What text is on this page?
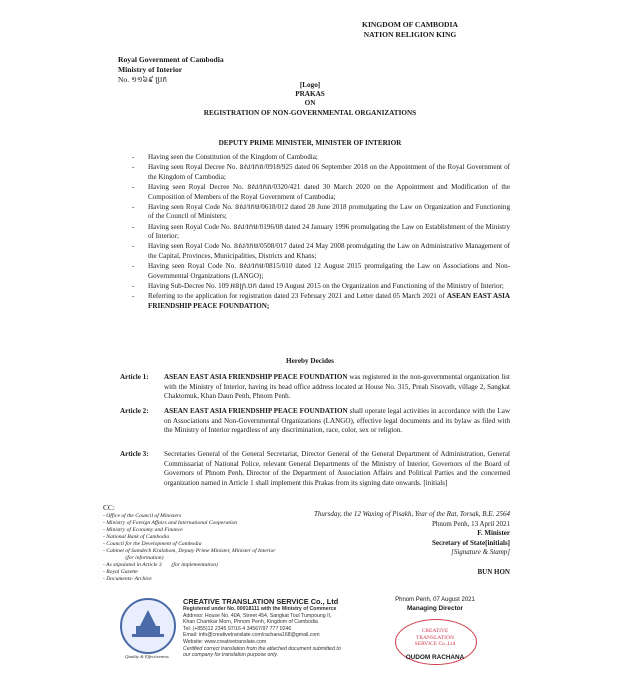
KINGDOM OF CAMBODIA
NATION RELIGION KING
Royal Government of Cambodia
Ministry of Interior
No. ១១៦៩ ប្រក
[Logo]
PRAKAS
ON
REGISTRATION OF NON-GOVERNMENTAL ORGANIZATIONS
DEPUTY PRIME MINISTER, MINISTER OF INTERIOR
- Having seen the Constitution of the Kingdom of Cambodia;
- Having seen Royal Decree No. នស/រកត/0918/925 dated 06 September 2018 on the Appointment of the Royal Government of the Kingdom of Cambodia;
- Having seen Royal Decree No. នស/រកត/0320/421 dated 30 March 2020 on the Appointment and Modification of the Composition of Members of the Royal Government of Cambodia;
- Having seen Royal Code No. នស/រកម/0618/012 dated 28 June 2018 promulgating the Law on Organization and Functioning of the Council of Ministers;
- Having seen Royal Code No. នស/រកម/0196/08 dated 24 January 1996 promulgating the Law on Establishment of the Ministry of Interior;
- Having seen Royal Code No. នស/រកម/0508/017 dated 24 May 2008 promulgating the Law on Administrative Management of the Capital, Provinces, Municipalities, Districts and Khans;
- Having seen Royal Code No. នស/រកម/0815/010 dated 12 August 2015 promulgating the Law on Associations and Non-Governmental Organizations (LANGO);
- Having Sub-Decree No. 109 អនក្រ.បក dated 19 August 2015 on the Organization and Functioning of the Ministry of Interior;
- Referring to the application for registration dated 23 February 2021 and Letter dated 05 March 2021 of ASEAN EAST ASIA FRIENDSHIP PEACE FOUNDATION;
Hereby Decides
Article 1: ASEAN EAST ASIA FRIENDSHIP PEACE FOUNDATION was registered in the non-governmental organization list with the Ministry of Interior, having its head office address located at House No. 315, Preah Sisovath, village 2, Sangkat Chaktomuk, Khan Daun Penh, Phnom Penh.
Article 2: ASEAN EAST ASIA FRIENDSHIP PEACE FOUNDATION shall operate legal activities in accordance with the Law on Associations and Non-Governmental Organizations (LANGO), effective legal documents and its bylaw as filed with the Ministry of Interior regardless of any discrimination, race, color, sex or religion.
Article 3: Secretaries General of the General Secretariat, Director General of the General Department of Administration, General Commissariat of National Police, relevant General Departments of the Ministry of Interior, Governors of the Board of Governors of Phnom Penh, Director of the Department of Association Affairs and Political Parties and the concerned organization named in Article 1 shall implement this Prakas from its signing date onwards. [initials]
CC:
- Office of the Council of Ministers
- Ministry of Foreign Affairs and International Cooperation
- Ministry of Economy and Finance
- National Bank of Cambodia
- Council for the Development of Cambodia
- Cabinet of Samdech Kralahom, Deputy Prime Minister, Minister of Interior
(for information)
- As stipulated in Article 3       (for implementation)
- Royal Gazette
- Documents- Archive
Thursday, the 12 Waxing of Pisakh, Year of the Rat, Torsak, B.E. 2564
Phnom Penh, 13 April 2021
F. Minister
Secretary of State[initials]
[Signature & Stamp]
BUN HON
Quality & Effectiveness
CREATIVE TRANSLATION SERVICE Co., Ltd
Registered under No. 00018111 with the Ministry of Commerce
Address: House No. 40A, Street 454, Sangkat Toul Tumpoung II,
Khan Chamkar Morn, Phnom Penh, Kingdom of Cambodia
Tel: (+855)12 2345 97/16 4 34567/97 777 0246
Email: info@creativetranslate.com/rachana168@gmail.com
Website: www.creativetranslate.com
Certified correct translation from the attached document submitted to
our company for translation purpose only.
Phnom Penh, 07 August 2021
Managing Director
CREATIVE TRANSLATION SERVICE Co.,Ltd
OUDOM RACHANA
